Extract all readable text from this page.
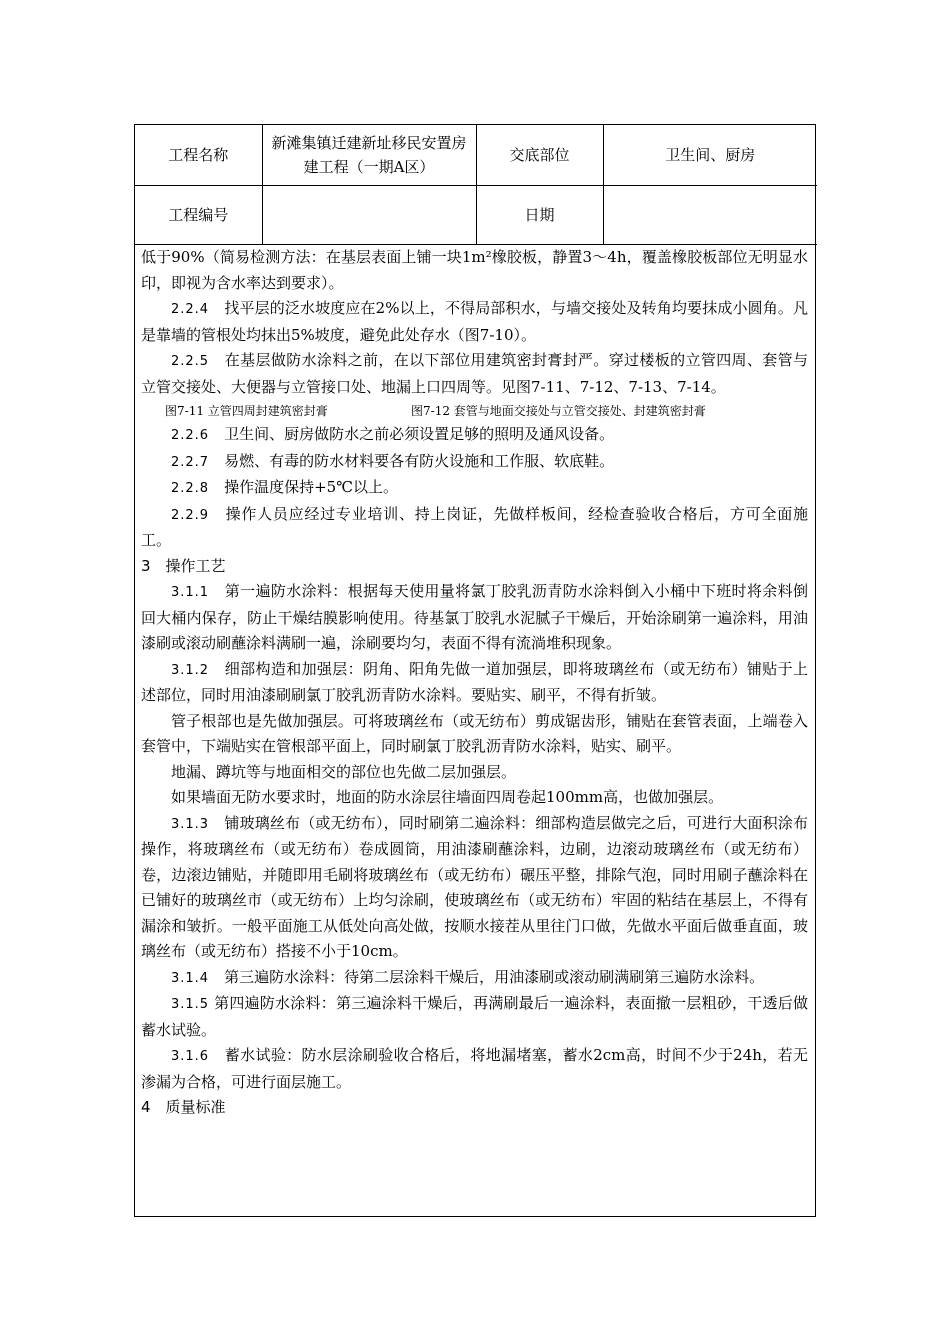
工程名称	新滩集镇迁建新址移民安置房建工程（一期A区）	交底部位	卫生间、厨房
工程编号		日期	

低于90%（简易检测方法：在基层表面上铺一块1m²橡胶板，静置3～4h，覆盖橡胶板部位无明显水印，即视为含水率达到要求）。

2.2.4　 找平层的泛水坡度应在2%以上，不得局部积水，与墙交接处及转角均要抹成小圆角。凡是靠墙的管根处均抹出5%坡度，避免此处存水（图7-10）。

2.2.5　 在基层做防水涂料之前，在以下部位用建筑密封膏封严。穿过楼板的立管四周、套管与立管交接处、大便器与立管接口处、地漏上口四周等。见图7-11、7-12、7-13、7-14。

图7-11 立管四周封建筑密封膏	图7-12 套管与地面交接处与立管交接处、封建筑密封膏

2.2.6　 卫生间、厨房做防水之前必须设置足够的照明及通风设备。

2.2.7　 易燃、有毒的防水材料要各有防火设施和工作服、软底鞋。

2.2.8　 操作温度保持+5℃以上。

2.2.9　 操作人员应经过专业培训、持上岗证，先做样板间，经检查验收合格后，方可全面施工。

3　操作工艺

3.1.1　 第一遍防水涂料：根据每天使用量将氯丁胶乳沥青防水涂料倒入小桶中下班时将余料倒回大桶内保存，防止干燥结膜影响使用。待基氯丁胶乳水泥腻子干燥后，开始涂刷第一遍涂料，用油漆刷或滚动刷蘸涂料满刷一遍，涂刷要均匀，表面不得有流淌堆积现象。

3.1.2　 细部构造和加强层：阴角、阳角先做一道加强层，即将玻璃丝布（或无纺布）铺贴于上述部位，同时用油漆刷刷氯丁胶乳沥青防水涂料。要贴实、刷平，不得有折皱。

管子根部也是先做加强层。可将玻璃丝布（或无纺布）剪成锯齿形，铺贴在套管表面，上端卷入套管中，下端贴实在管根部平面上，同时刷氯丁胶乳沥青防水涂料，贴实、刷平。

地漏、蹲坑等与地面相交的部位也先做二层加强层。

如果墙面无防水要求时，地面的防水涂层往墙面四周卷起100mm高，也做加强层。

3.1.3　 铺玻璃丝布（或无纺布），同时刷第二遍涂料：细部构造层做完之后，可进行大面积涂布操作，将玻璃丝布（或无纺布）卷成圆筒，用油漆刷蘸涂料，边刷，边滚动玻璃丝布（或无纺布）卷，边滚边铺贴，并随即用毛刷将玻璃丝布（或无纺布）碾压平整，排除气泡，同时用刷子蘸涂料在已铺好的玻璃丝市（或无纺布）上均匀涂刷，使玻璃丝布（或无纺布）牢固的粘结在基层上，不得有漏涂和皱折。一般平面施工从低处向高处做，按顺水接茬从里往门口做，先做水平面后做垂直面，玻璃丝布（或无纺布）搭接不小于10cm。

3.1.4　 第三遍防水涂料：待第二层涂料干燥后，用油漆刷或滚动刷满刷第三遍防水涂料。

3.1.5 第四遍防水涂料：第三遍涂料干燥后，再满刷最后一遍涂料，表面撤一层粗砂，干透后做蓄水试验。

3.1.6　 蓄水试验：防水层涂刷验收合格后，将地漏堵塞，蓄水2cm高，时间不少于24h，若无渗漏为合格，可进行面层施工。

4　质量标准
